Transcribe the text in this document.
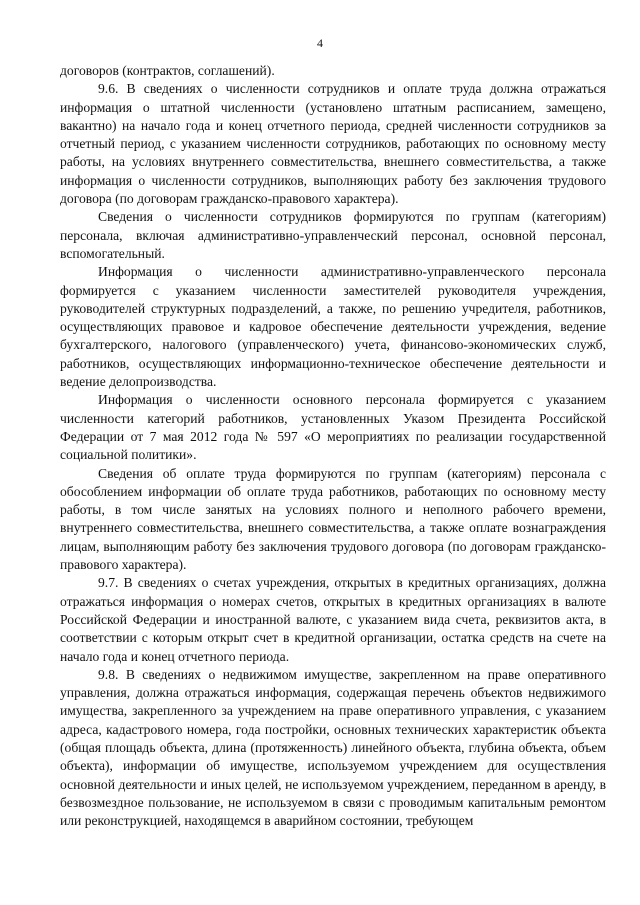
4

договоров (контрактов, соглашений).

9.6. В сведениях о численности сотрудников и оплате труда должна отражаться информация о штатной численности (установлено штатным расписанием, замещено, вакантно) на начало года и конец отчетного периода, средней численности сотрудников за отчетный период, с указанием численности сотрудников, работающих по основному месту работы, на условиях внутреннего совместительства, внешнего совместительства, а также информация о численности сотрудников, выполняющих работу без заключения трудового договора (по договорам гражданско-правового характера).

Сведения о численности сотрудников формируются по группам (категориям) персонала, включая административно-управленческий персонал, основной персонал, вспомогательный.

Информация о численности административно-управленческого персонала формируется с указанием численности заместителей руководителя учреждения, руководителей структурных подразделений, а также, по решению учредителя, работников, осуществляющих правовое и кадровое обеспечение деятельности учреждения, ведение бухгалтерского, налогового (управленческого) учета, финансово-экономических служб, работников, осуществляющих информационно-техническое обеспечение деятельности и ведение делопроизводства.

Информация о численности основного персонала формируется с указанием численности категорий работников, установленных Указом Президента Российской Федерации от 7 мая 2012 года № 597 «О мероприятиях по реализации государственной социальной политики».

Сведения об оплате труда формируются по группам (категориям) персонала с обособлением информации об оплате труда работников, работающих по основному месту работы, в том числе занятых на условиях полного и неполного рабочего времени, внутреннего совместительства, внешнего совместительства, а также оплате вознаграждения лицам, выполняющим работу без заключения трудового договора (по договорам гражданско-правового характера).

9.7. В сведениях о счетах учреждения, открытых в кредитных организациях, должна отражаться информация о номерах счетов, открытых в кредитных организациях в валюте Российской Федерации и иностранной валюте, с указанием вида счета, реквизитов акта, в соответствии с которым открыт счет в кредитной организации, остатка средств на счете на начало года и конец отчетного периода.

9.8. В сведениях о недвижимом имуществе, закрепленном на праве оперативного управления, должна отражаться информация, содержащая перечень объектов недвижимого имущества, закрепленного за учреждением на праве оперативного управления, с указанием адреса, кадастрового номера, года постройки, основных технических характеристик объекта (общая площадь объекта, длина (протяженность) линейного объекта, глубина объекта, объем объекта), информации об имуществе, используемом учреждением для осуществления основной деятельности и иных целей, не используемом учреждением, переданном в аренду, в безвозмездное пользование, не используемом в связи с проводимым капитальным ремонтом или реконструкцией, находящемся в аварийном состоянии, требующем
